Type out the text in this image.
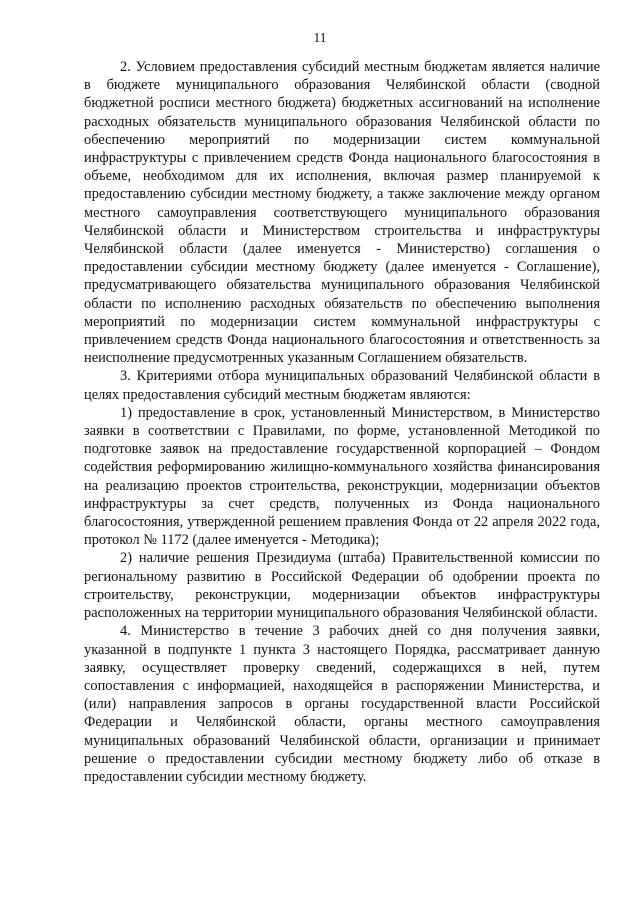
11

2. Условием предоставления субсидий местным бюджетам является наличие в бюджете муниципального образования Челябинской области (сводной бюджетной росписи местного бюджета) бюджетных ассигнований на исполнение расходных обязательств муниципального образования Челябинской области по обеспечению мероприятий по модернизации систем коммунальной инфраструктуры с привлечением средств Фонда национального благосостояния в объеме, необходимом для их исполнения, включая размер планируемой к предоставлению субсидии местному бюджету, а также заключение между органом местного самоуправления соответствующего муниципального образования Челябинской области и Министерством строительства и инфраструктуры Челябинской области (далее именуется - Министерство) соглашения о предоставлении субсидии местному бюджету (далее именуется - Соглашение), предусматривающего обязательства муниципального образования Челябинской области по исполнению расходных обязательств по обеспечению выполнения мероприятий по модернизации систем коммунальной инфраструктуры с привлечением средств Фонда национального благосостояния и ответственность за неисполнение предусмотренных указанным Соглашением обязательств.

3. Критериями отбора муниципальных образований Челябинской области в целях предоставления субсидий местным бюджетам являются:

1) предоставление в срок, установленный Министерством, в Министерство заявки в соответствии с Правилами, по форме, установленной Методикой по подготовке заявок на предоставление государственной корпорацией – Фондом содействия реформированию жилищно-коммунального хозяйства финансирования на реализацию проектов строительства, реконструкции, модернизации объектов инфраструктуры за счет средств, полученных из Фонда национального благосостояния, утвержденной решением правления Фонда от 22 апреля 2022 года, протокол № 1172 (далее именуется - Методика);

2) наличие решения Президиума (штаба) Правительственной комиссии по региональному развитию в Российской Федерации об одобрении проекта по строительству, реконструкции, модернизации объектов инфраструктуры расположенных на территории муниципального образования Челябинской области.

4. Министерство в течение 3 рабочих дней со дня получения заявки, указанной в подпункте 1 пункта 3 настоящего Порядка, рассматривает данную заявку, осуществляет проверку сведений, содержащихся в ней, путем сопоставления с информацией, находящейся в распоряжении Министерства, и (или) направления запросов в органы государственной власти Российской Федерации и Челябинской области, органы местного самоуправления муниципальных образований Челябинской области, организации и принимает решение о предоставлении субсидии местному бюджету либо об отказе в предоставлении субсидии местному бюджету.
